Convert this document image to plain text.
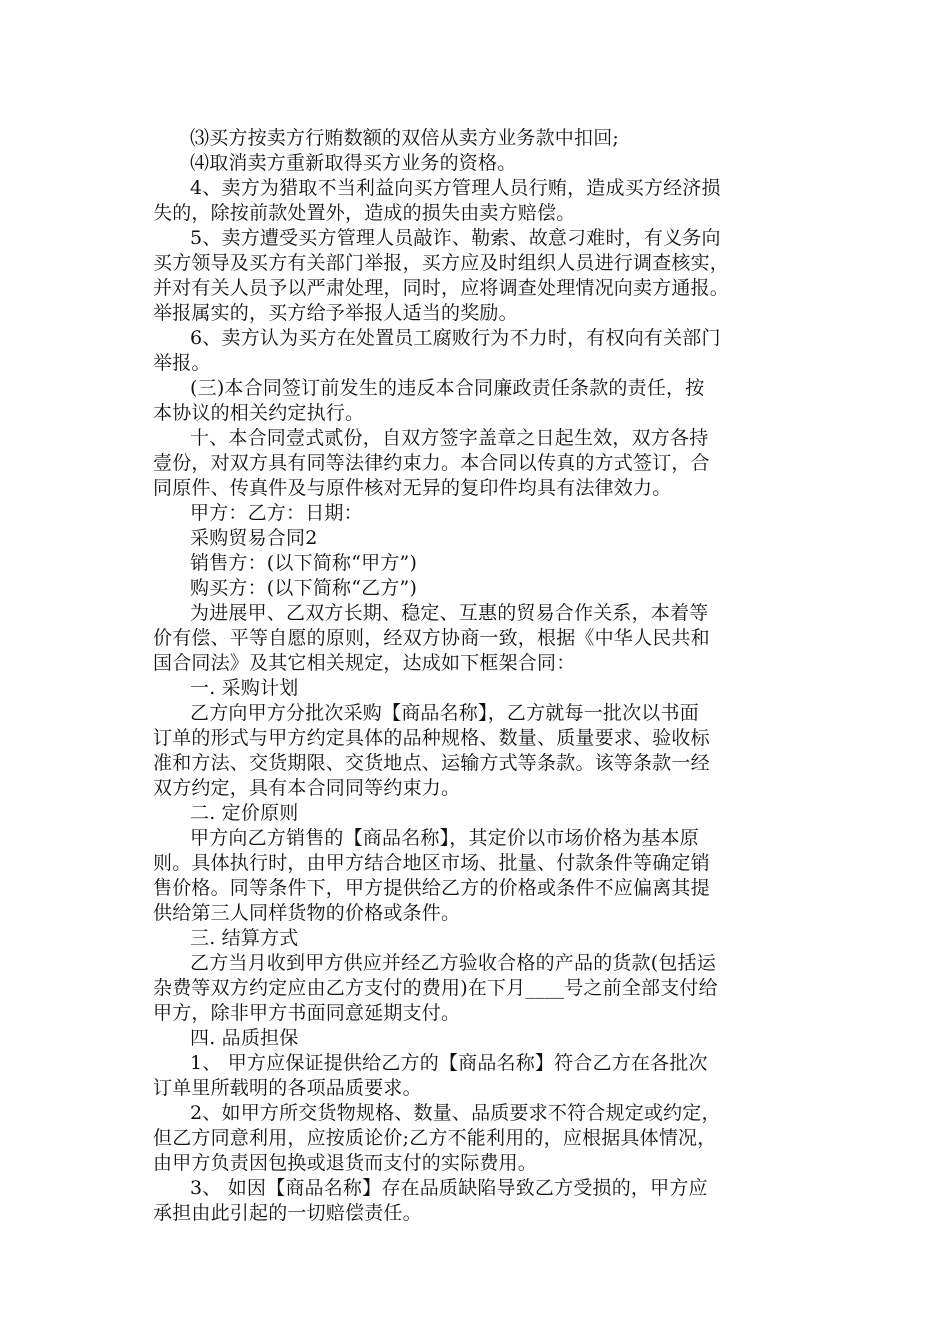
⑶买方按卖方行贿数额的双倍从卖方业务款中扣回;
⑷取消卖方重新取得买方业务的资格。
4、卖方为猎取不当利益向买方管理人员行贿，造成买方经济损
失的，除按前款处置外，造成的损失由卖方赔偿。
5、卖方遭受买方管理人员敲诈、勒索、故意刁难时，有义务向
买方领导及买方有关部门举报，买方应及时组织人员进行调查核实，
并对有关人员予以严肃处理，同时，应将调查处理情况向卖方通报。
举报属实的，买方给予举报人适当的奖励。
6、卖方认为买方在处置员工腐败行为不力时，有权向有关部门
举报。
(三)本合同签订前发生的违反本合同廉政责任条款的责任，按
本协议的相关约定执行。
十、本合同壹式贰份，自双方签字盖章之日起生效，双方各持
壹份，对双方具有同等法律约束力。本合同以传真的方式签订，合
同原件、传真件及与原件核对无异的复印件均具有法律效力。
甲方：乙方：日期：
采购贸易合同2
销售方：(以下简称“甲方”)
购买方：(以下简称“乙方”)
为进展甲、乙双方长期、稳定、互惠的贸易合作关系，本着等
价有偿、平等自愿的原则，经双方协商一致，根据《中华人民共和
国合同法》及其它相关规定，达成如下框架合同：
一. 采购计划
乙方向甲方分批次采购【商品名称】，乙方就每一批次以书面
订单的形式与甲方约定具体的品种规格、数量、质量要求、验收标
准和方法、交货期限、交货地点、运输方式等条款。该等条款一经
双方约定，具有本合同同等约束力。
二. 定价原则
甲方向乙方销售的【商品名称】，其定价以市场价格为基本原
则。具体执行时，由甲方结合地区市场、批量、付款条件等确定销
售价格。同等条件下，甲方提供给乙方的价格或条件不应偏离其提
供给第三人同样货物的价格或条件。
三. 结算方式
乙方当月收到甲方供应并经乙方验收合格的产品的货款(包括运
杂费等双方约定应由乙方支付的费用)在下月____号之前全部支付给
甲方，除非甲方书面同意延期支付。
四. 品质担保
1、 甲方应保证提供给乙方的【商品名称】符合乙方在各批次
订单里所载明的各项品质要求。
2、如甲方所交货物规格、数量、品质要求不符合规定或约定，
但乙方同意利用，应按质论价;乙方不能利用的，应根据具体情况，
由甲方负责因包换或退货而支付的实际费用。
3、 如因【商品名称】存在品质缺陷导致乙方受损的，甲方应
承担由此引起的一切赔偿责任。
